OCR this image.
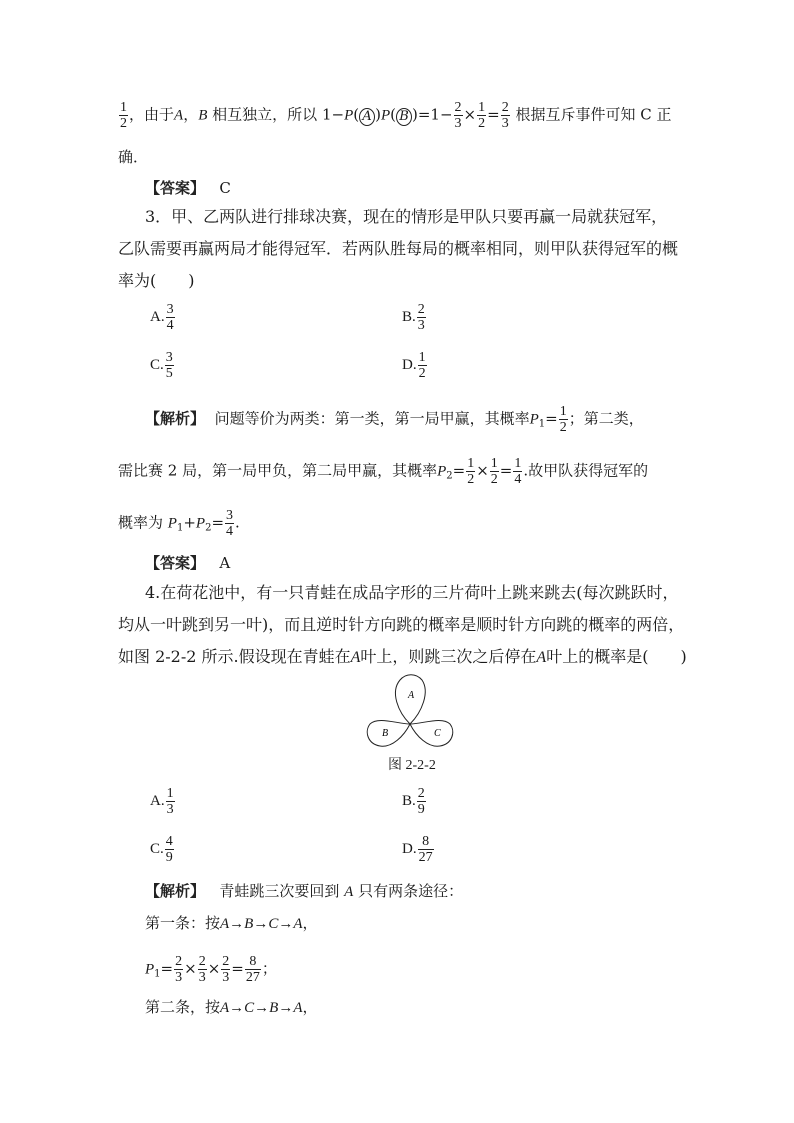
$\frac{1}{2}$ ，由于A，B 相互独立，所以 1−P( A )P( B )$=1- \frac{2}{3} \times \frac{1}{2} = \frac{2}{3}$ 根据互斥事件可知 C 正
确．
【答案】 C
3．甲、乙两队进行排球决赛，现在的情形是甲队只要再赢一局就获冠军，
乙队需要再赢两局才能得冠军．若两队胜每局的概率相同，则甲队获得冠军的概
率为(　　)
A. $\frac{3}{4}$	B. $\frac{2}{3}$
C. $\frac{3}{5}$	D. $\frac{1}{2}$
【解析】 问题等价为两类：第一类，第一局甲赢，其概率$P_1= \frac{1}{2}$ ；第二类，
需比赛 2 局，第一局甲负，第二局甲赢，其概率$P_2= \frac{1}{2} \times \frac{1}{2} = \frac{1}{4}$ .故甲队获得冠军的
概率为 $P_1+P_2= \frac{3}{4}$ .
【答案】 A
4.在荷花池中，有一只青蛙在成品字形的三片荷叶上跳来跳去(每次跳跃时，
均从一叶跳到另一叶)，而且逆时针方向跳的概率是顺时针方向跳的概率的两倍，
如图 2-2-2 所示.假设现在青蛙在A叶上，则跳三次之后停在A叶上的概率是(　　)
A
B	C
图 2-2-2
A. $\frac{1}{3}$	B. $\frac{2}{9}$
C. $\frac{4}{9}$	D. $\frac{8}{27}$
【解析】 青蛙跳三次要回到 A 只有两条途径：
第一条：按A→B→C→A，
$P_1= \frac{2}{3} \times \frac{2}{3} \times \frac{2}{3} = \frac{8}{27}$ ；
第二条，按A→C→B→A，
